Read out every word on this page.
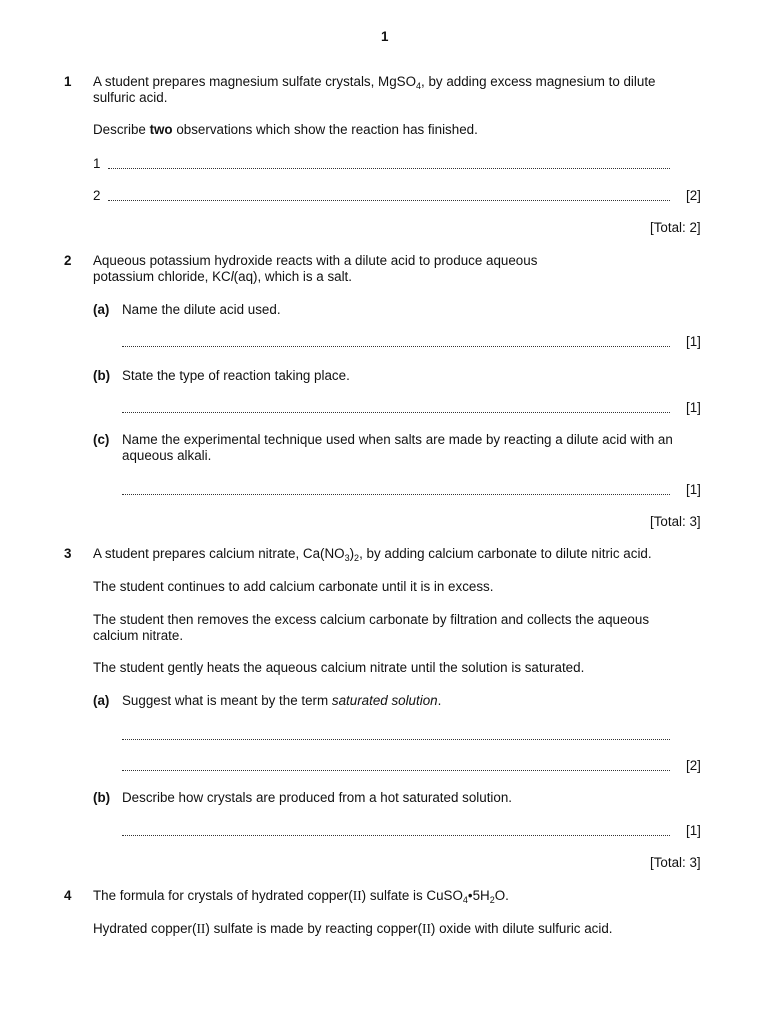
1
1 A student prepares magnesium sulfate crystals, MgSO$_4$, by adding excess magnesium to dilute
sulfuric acid.
Describe two observations which show the reaction has finished.
1
2	[2]
[Total: 2]
2 Aqueous potassium hydroxide reacts with a dilute acid to produce aqueous
potassium chloride, KCl(aq), which is a salt.
(a) Name the dilute acid used.
[1]
(b) State the type of reaction taking place.
[1]
(c) Name the experimental technique used when salts are made by reacting a dilute acid with an
aqueous alkali.
[1]
[Total: 3]
3 A student prepares calcium nitrate, $Ca(NO_3)_2$, by adding calcium carbonate to dilute nitric acid.
The student continues to add calcium carbonate until it is in excess.
The student then removes the excess calcium carbonate by filtration and collects the aqueous
calcium nitrate.
The student gently heats the aqueous calcium nitrate until the solution is saturated.
(a) Suggest what is meant by the term saturated solution.
[2]
(b) Describe how crystals are produced from a hot saturated solution.
[1]
[Total: 3]
4 The formula for crystals of hydrated copper(II) sulfate is $CuSO_4•5H_2O$.
Hydrated copper(II) sulfate is made by reacting copper(II) oxide with dilute sulfuric acid.
